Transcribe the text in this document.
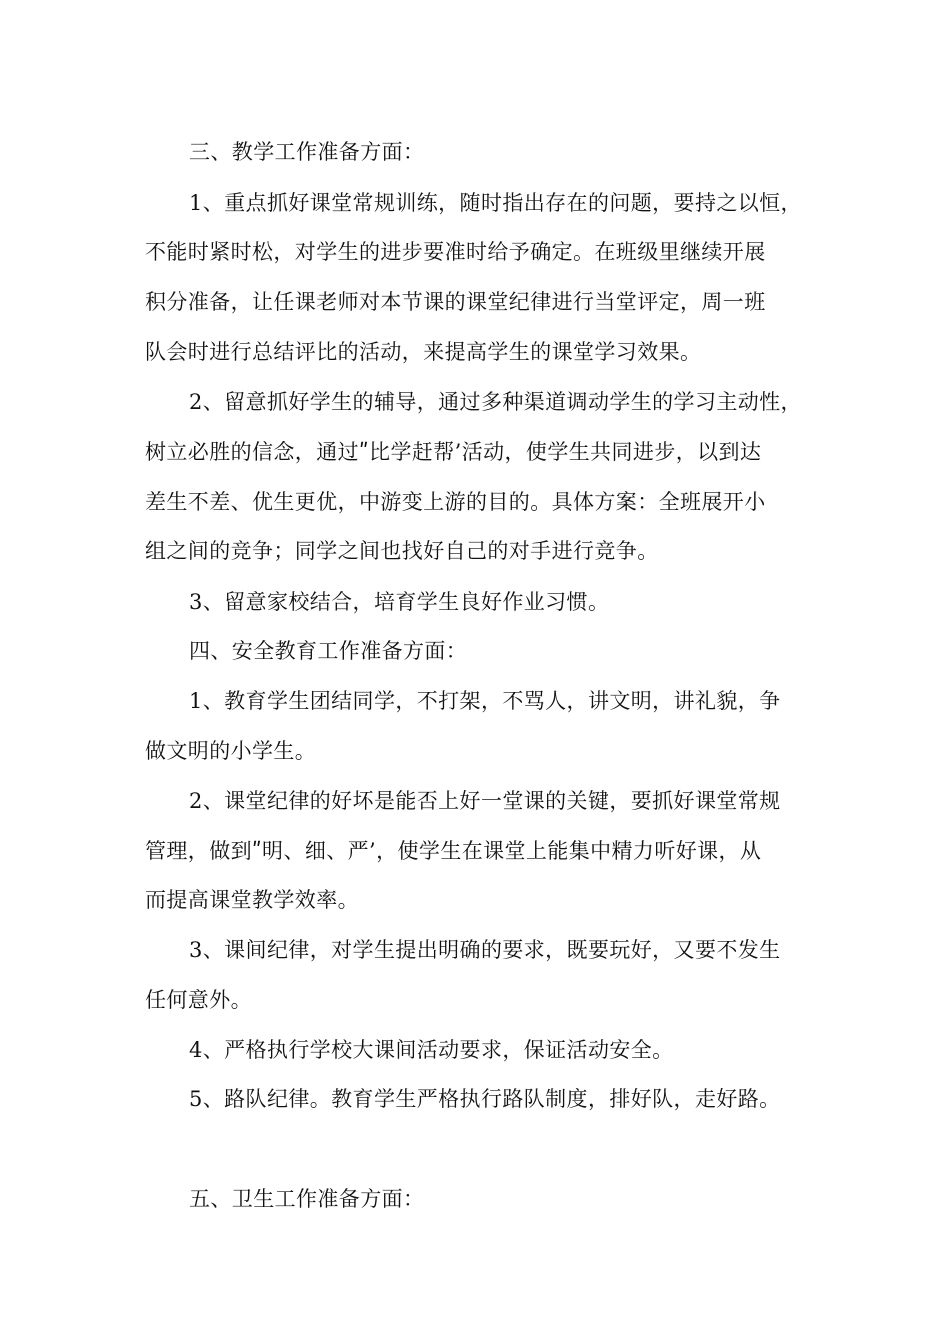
三、教学工作准备方面：
1、重点抓好课堂常规训练，随时指出存在的问题，要持之以恒，
不能时紧时松，对学生的进步要准时给予确定。在班级里继续开展
积分准备，让任课老师对本节课的课堂纪律进行当堂评定，周一班
队会时进行总结评比的活动，来提高学生的课堂学习效果。
2、留意抓好学生的辅导，通过多种渠道调动学生的学习主动性，
树立必胜的信念，通过ʺ比学赶帮’活动，使学生共同进步，以到达
差生不差、优生更优，中游变上游的目的。具体方案：全班展开小
组之间的竞争；同学之间也找好自己的对手进行竞争。
3、留意家校结合，培育学生良好作业习惯。
四、安全教育工作准备方面：
1、教育学生团结同学，不打架，不骂人，讲文明，讲礼貌，争
做文明的小学生。
2、课堂纪律的好坏是能否上好一堂课的关键，要抓好课堂常规
管理，做到ʺ明、细、严’，使学生在课堂上能集中精力听好课，从
而提高课堂教学效率。
3、课间纪律，对学生提出明确的要求，既要玩好，又要不发生
任何意外。
4、严格执行学校大课间活动要求，保证活动安全。
5、路队纪律。教育学生严格执行路队制度，排好队，走好路。
五、卫生工作准备方面：
